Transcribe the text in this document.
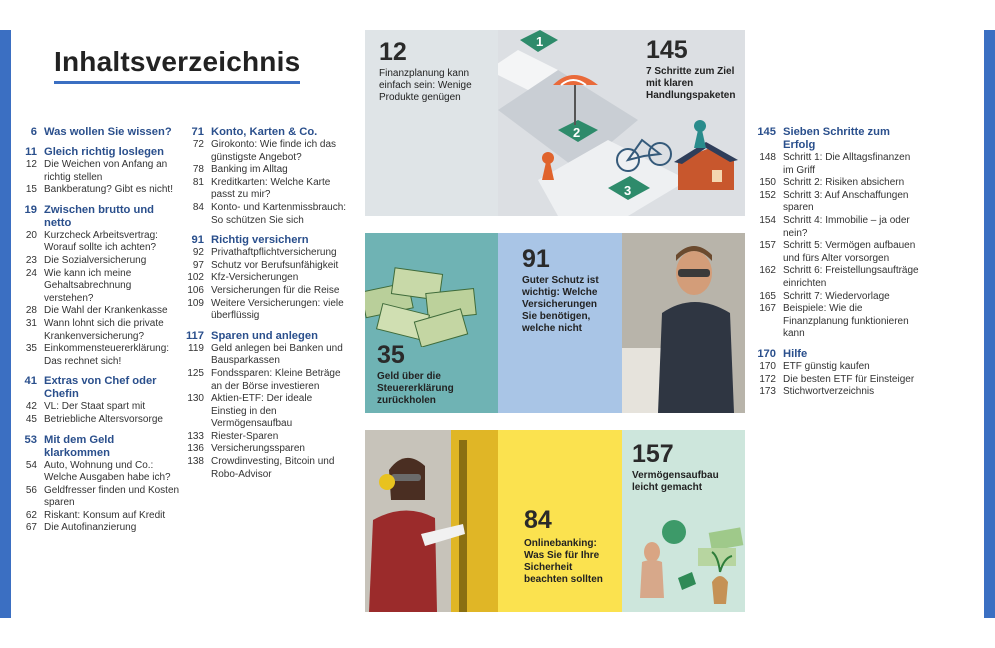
Inhaltsverzeichnis
6 Was wollen Sie wissen?
11 Gleich richtig loslegen
12 Die Weichen von Anfang an richtig stellen
15 Bankberatung? Gibt es nicht!
19 Zwischen brutto und netto
20 Kurzcheck Arbeitsvertrag: Worauf sollte ich achten?
23 Die Sozialversicherung
24 Wie kann ich meine Gehaltsabrechnung verstehen?
28 Die Wahl der Krankenkasse
31 Wann lohnt sich die private Krankenversicherung?
35 Einkommensteuererklärung: Das rechnet sich!
41 Extras von Chef oder Chefin
42 VL: Der Staat spart mit
45 Betriebliche Altersvorsorge
53 Mit dem Geld klarkommen
54 Auto, Wohnung und Co.: Welche Ausgaben habe ich?
56 Geldfresser finden und Kosten sparen
62 Riskant: Konsum auf Kredit
67 Die Autofinanzierung
71 Konto, Karten & Co.
72 Girokonto: Wie finde ich das günstigste Angebot?
78 Banking im Alltag
81 Kreditkarten: Welche Karte passt zu mir?
84 Konto- und Kartenmissbrauch: So schützen Sie sich
91 Richtig versichern
92 Privathaftpflichtversicherung
97 Schutz vor Berufsunfähigkeit
102 Kfz-Versicherungen
106 Versicherungen für die Reise
109 Weitere Versicherungen: viele überflüssig
117 Sparen und anlegen
119 Geld anlegen bei Banken und Bausparkassen
125 Fondssparen: Kleine Beträge an der Börse investieren
130 Aktien-ETF: Der ideale Einstieg in den Vermögensaufbau
133 Riester-Sparen
136 Versicherungssparen
138 Crowdinvesting, Bitcoin und Robo-Advisor
145 Sieben Schritte zum Erfolg
148 Schritt 1: Die Alltagsfinanzen im Griff
150 Schritt 2: Risiken absichern
152 Schritt 3: Auf Anschaffungen sparen
154 Schritt 4: Immobilie – ja oder nein?
157 Schritt 5: Vermögen aufbauen und fürs Alter vorsorgen
162 Schritt 6: Freistellungsaufträge einrichten
165 Schritt 7: Wiedervorlage
167 Beispiele: Wie die Finanzplanung funktionieren kann
170 Hilfe
170 ETF günstig kaufen
172 Die besten ETF für Einsteiger
173 Stichwortverzeichnis
12
Finanzplanung kann einfach sein: Wenige Produkte genügen
1
2
3
145
7 Schritte zum Ziel mit klaren Handlungspaketen
35
Geld über die Steuererklärung zurückholen
91
Guter Schutz ist wichtig: Welche Versicherungen Sie benötigen, welche nicht
84
Onlinebanking: Was Sie für Ihre Sicherheit beachten sollten
157
Vermögensaufbau leicht gemacht
